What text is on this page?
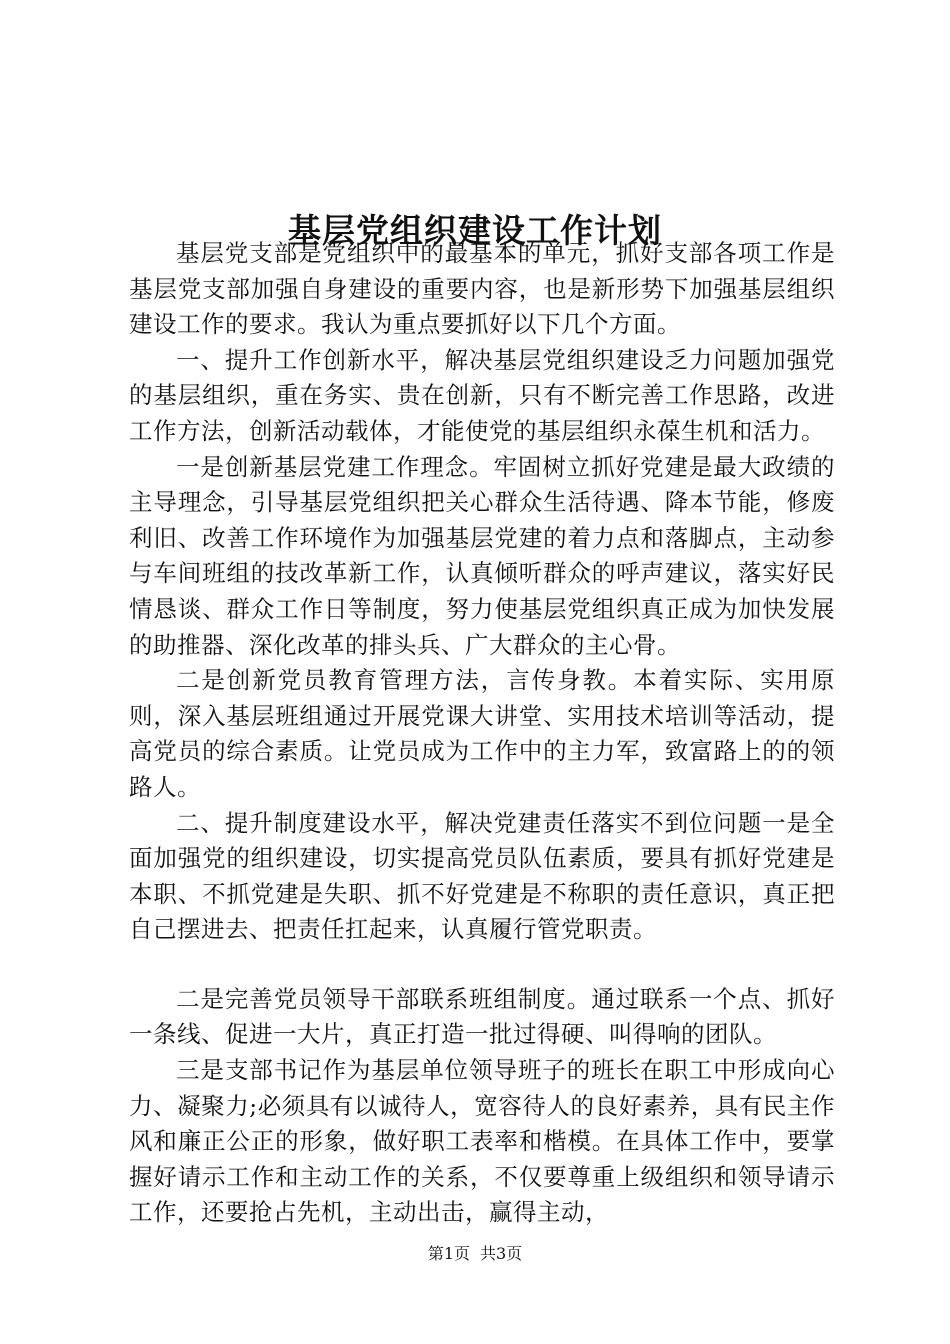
基层党组织建设工作计划

基层党支部是党组织中的最基本的单元，抓好支部各项工作是基层党支部加强自身建设的重要内容，也是新形势下加强基层组织建设工作的要求。我认为重点要抓好以下几个方面。

一、提升工作创新水平，解决基层党组织建设乏力问题加强党的基层组织，重在务实、贵在创新，只有不断完善工作思路，改进工作方法，创新活动载体，才能使党的基层组织永葆生机和活力。

一是创新基层党建工作理念。牢固树立抓好党建是最大政绩的主导理念，引导基层党组织把关心群众生活待遇、降本节能，修废利旧、改善工作环境作为加强基层党建的着力点和落脚点，主动参与车间班组的技改革新工作，认真倾听群众的呼声建议，落实好民情恳谈、群众工作日等制度，努力使基层党组织真正成为加快发展的助推器、深化改革的排头兵、广大群众的主心骨。

二是创新党员教育管理方法，言传身教。本着实际、实用原则，深入基层班组通过开展党课大讲堂、实用技术培训等活动，提高党员的综合素质。让党员成为工作中的主力军，致富路上的的领路人。

二、提升制度建设水平，解决党建责任落实不到位问题一是全面加强党的组织建设，切实提高党员队伍素质，要具有抓好党建是本职、不抓党建是失职、抓不好党建是不称职的责任意识，真正把自己摆进去、把责任扛起来，认真履行管党职责。

二是完善党员领导干部联系班组制度。通过联系一个点、抓好一条线、促进一大片，真正打造一批过得硬、叫得响的团队。

三是支部书记作为基层单位领导班子的班长在职工中形成向心力、凝聚力;必须具有以诚待人，宽容待人的良好素养，具有民主作风和廉正公正的形象，做好职工表率和楷模。在具体工作中，要掌握好请示工作和主动工作的关系，不仅要尊重上级组织和领导请示工作，还要抢占先机，主动出击，赢得主动，

第1页 共3页
